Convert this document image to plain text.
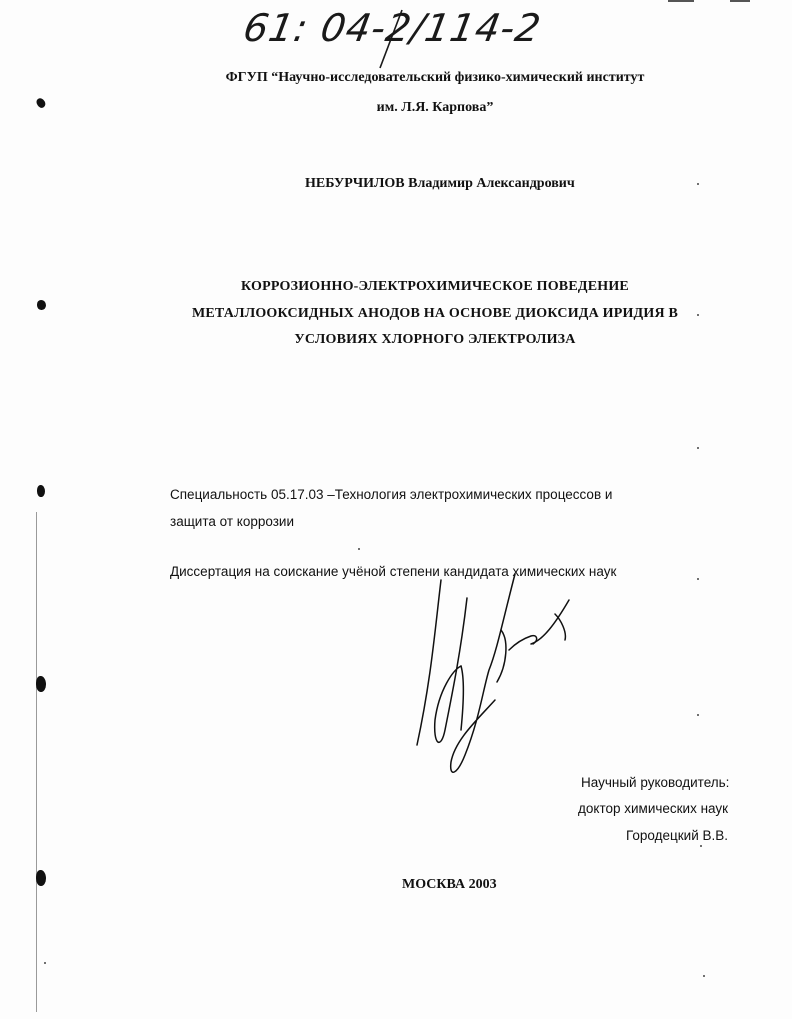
61: 04-2/114-2
ФГУП “Научно-исследовательский физико-химический институт
им. Л.Я. Карпова”
НЕБУРЧИЛОВ Владимир Александрович
КОРРОЗИОННО-ЭЛЕКТРОХИМИЧЕСКОЕ ПОВЕДЕНИЕ
МЕТАЛЛООКСИДНЫХ АНОДОВ НА ОСНОВЕ ДИОКСИДА ИРИДИЯ В
УСЛОВИЯХ ХЛОРНОГО ЭЛЕКТРОЛИЗА
Специальность 05.17.03 –Технология электрохимических процессов и
защита от коррозии
Диссертация на соискание учёной степени кандидата химических наук
Научный руководитель:
доктор химических наук
Городецкий В.В.
МОСКВА 2003
